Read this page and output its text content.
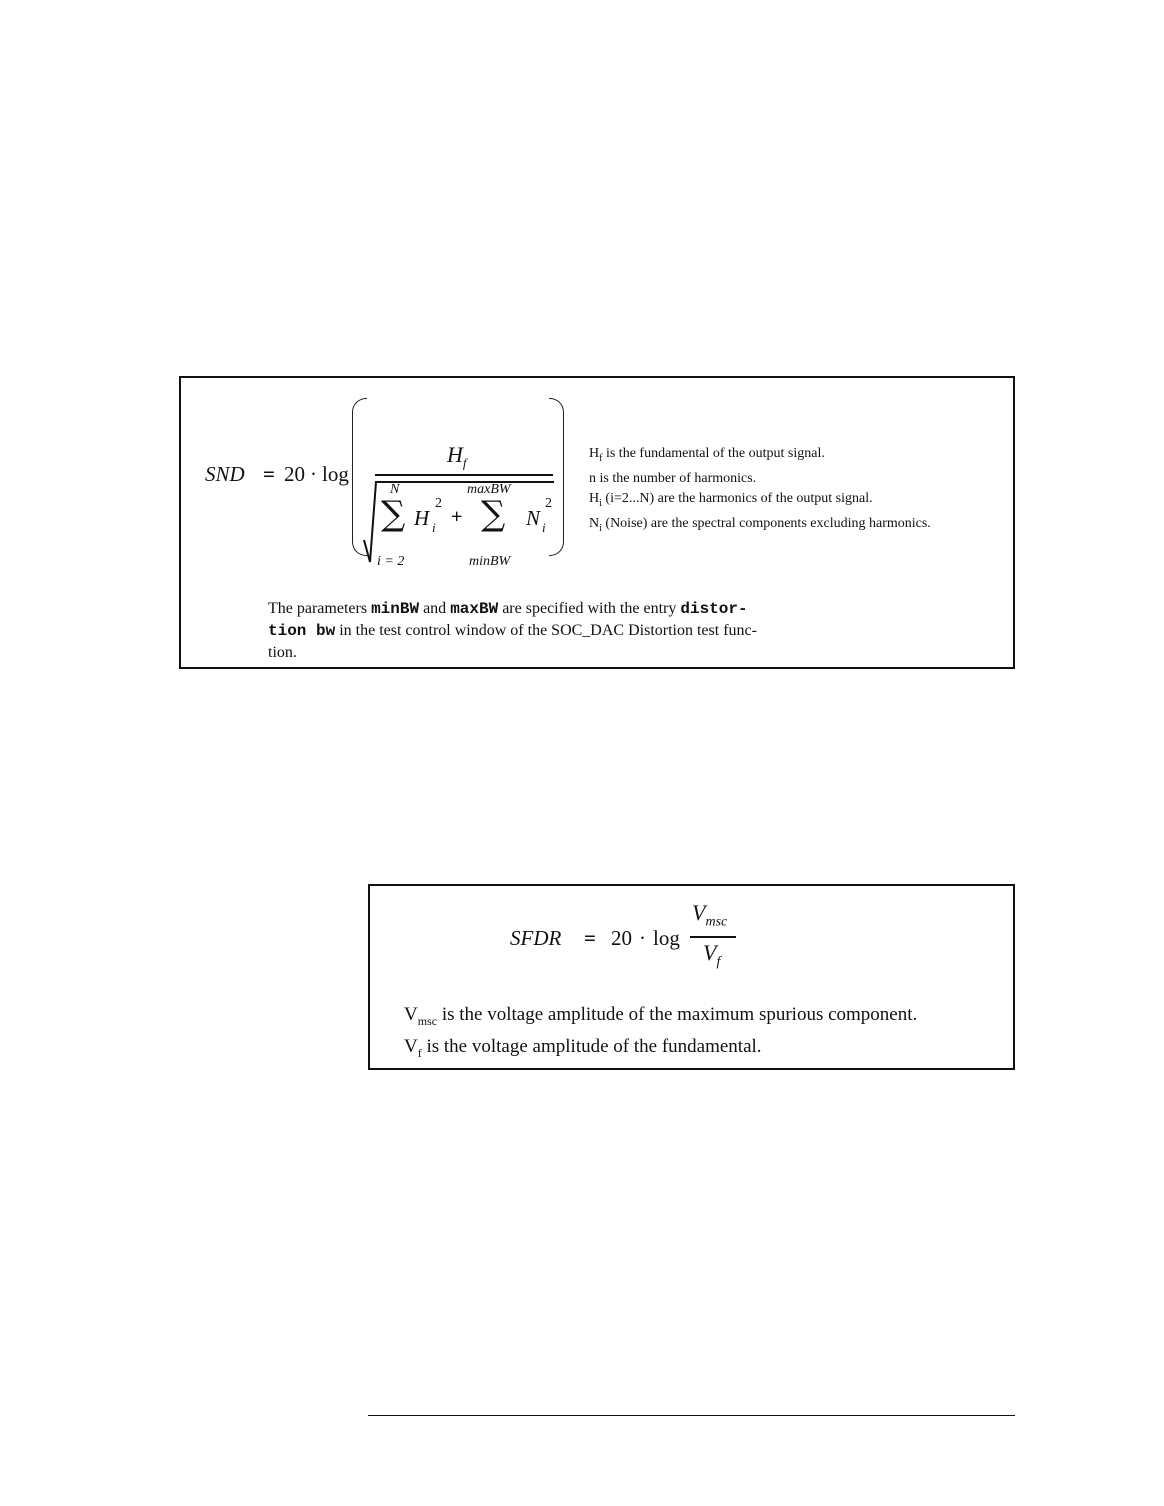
SND = 20 · log
$H_f$
N
∑
i = 2
H i
2
+
maxBW
∑
minBW
N i
2
$H_f$ is the fundamental of the output signal.
n is the number of harmonics.
$H_i$ (i=2...N) are the harmonics of the output signal.
$N_i$ (Noise) are the spectral components excluding harmonics.
The parameters minBW and maxBW are specified with the entry distor-
tion bw in the test control window of the SOC_DAC Distortion test func-
tion.
SFDR = 20 · log
$V_{msc}$
$V_f$
$V_{msc}$ is the voltage amplitude of the maximum spurious component.
$V_f$ is the voltage amplitude of the fundamental.
